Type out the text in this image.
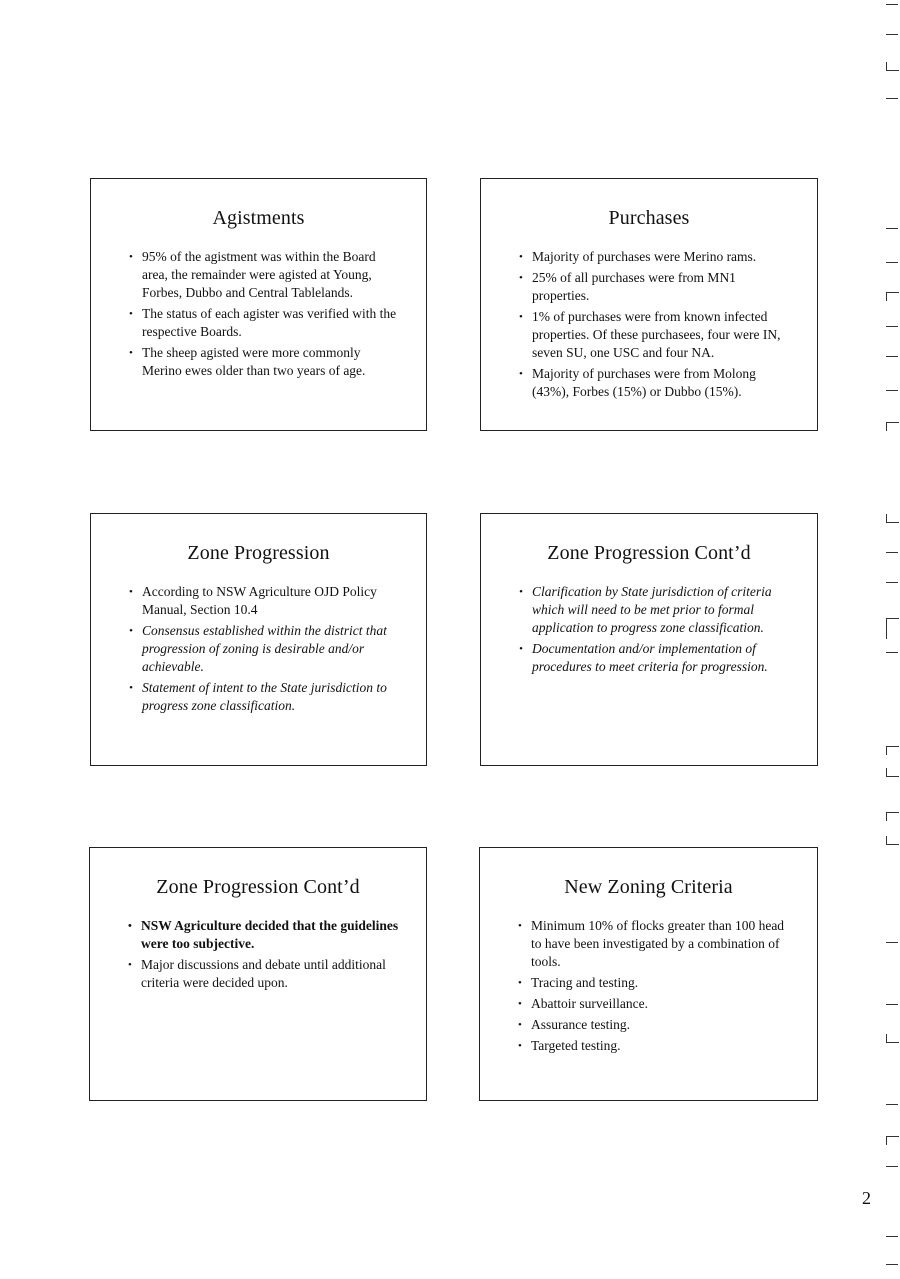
Agistments
• 95% of the agistment was within the Board area, the remainder were agisted at Young, Forbes, Dubbo and Central Tablelands.
• The status of each agister was verified with the respective Boards.
• The sheep agisted were more commonly Merino ewes older than two years of age.
Purchases
• Majority of purchases were Merino rams.
• 25% of all purchases were from MN1 properties.
• 1% of purchases were from known infected properties. Of these purchasees, four were IN, seven SU, one USC and four NA.
• Majority of purchases were from Molong (43%), Forbes (15%) or Dubbo (15%).
Zone Progression
• According to NSW Agriculture OJD Policy Manual, Section 10.4
• Consensus established within the district that progression of zoning is desirable and/or achievable.
• Statement of intent to the State jurisdiction to progress zone classification.
Zone Progression Cont’d
• Clarification by State jurisdiction of criteria which will need to be met prior to formal application to progress zone classification.
• Documentation and/or implementation of procedures to meet criteria for progression.
Zone Progression Cont’d
• NSW Agriculture decided that the guidelines were too subjective.
• Major discussions and debate until additional criteria were decided upon.
New Zoning Criteria
• Minimum 10% of flocks greater than 100 head to have been investigated by a combination of tools.
• Tracing and testing.
• Abattoir surveillance.
• Assurance testing.
• Targeted testing.
2
